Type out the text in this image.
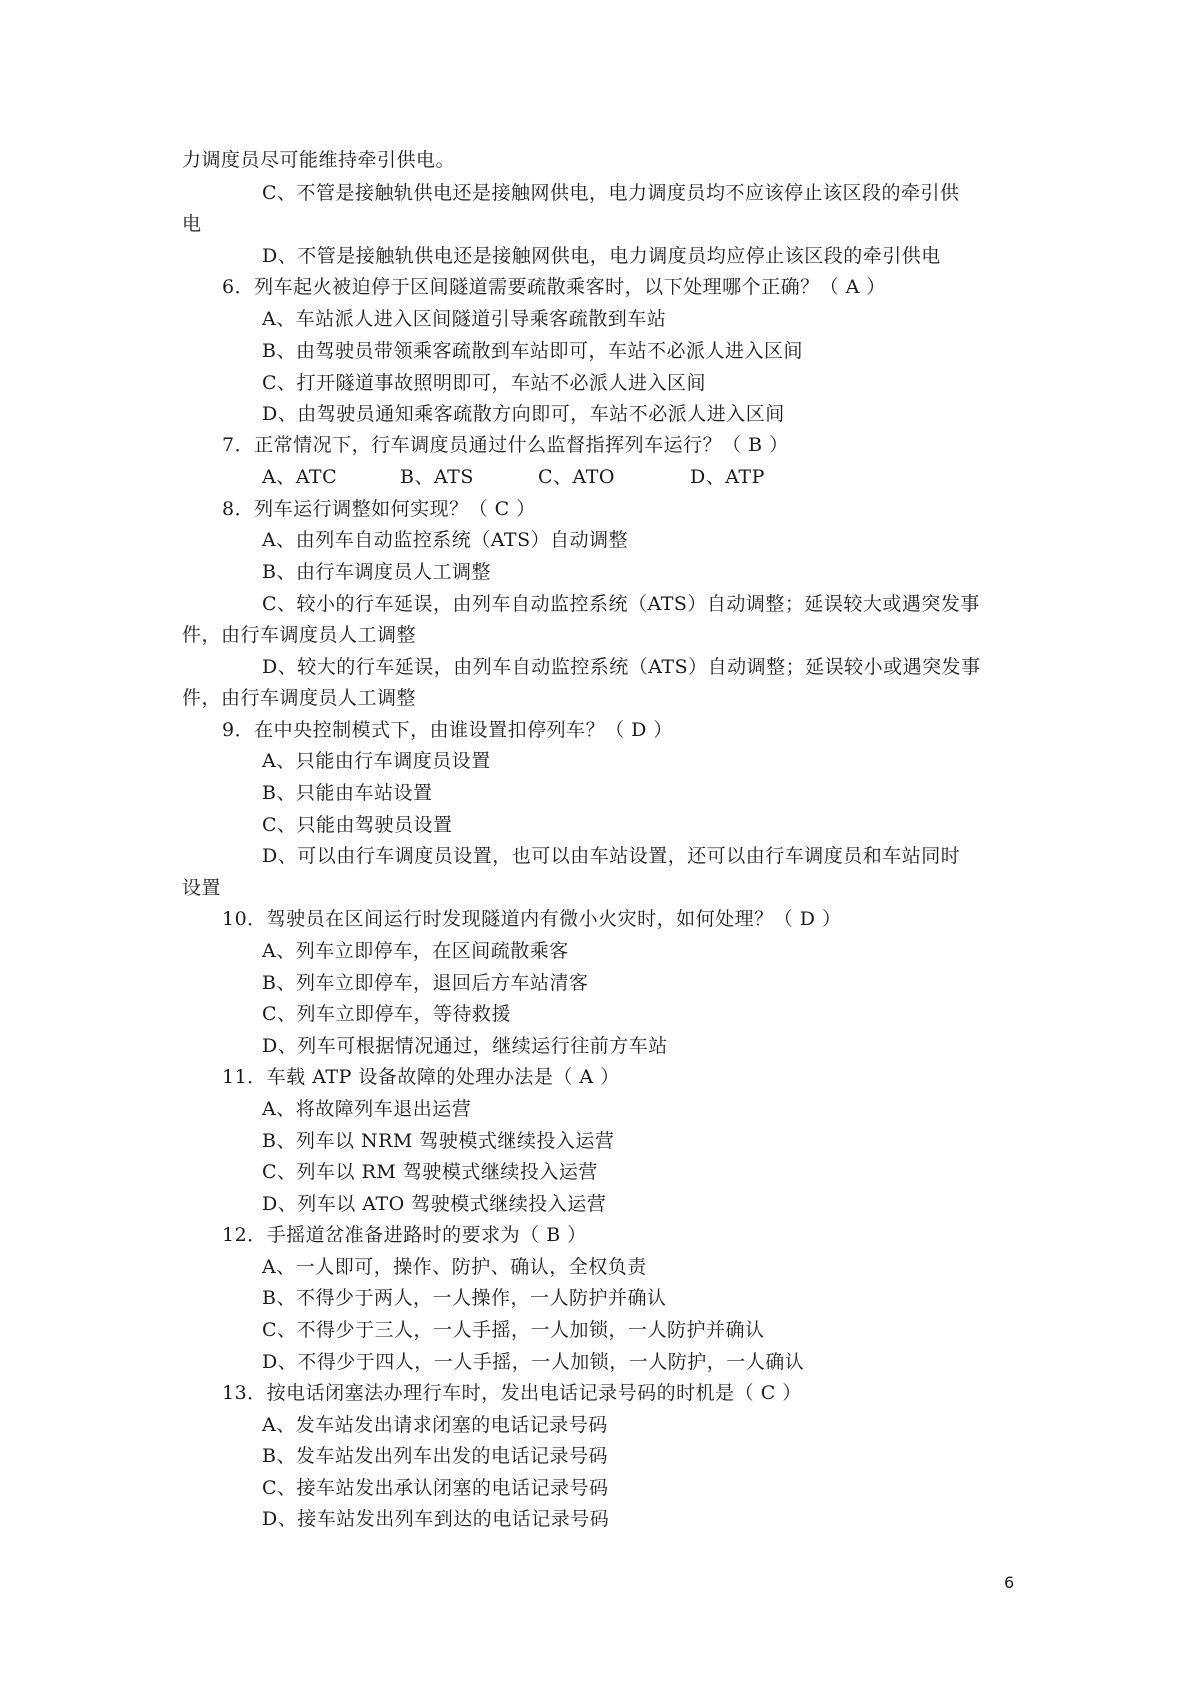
力调度员尽可能维持牵引供电。
C、不管是接触轨供电还是接触网供电，电力调度员均不应该停止该区段的牵引供
电
D、不管是接触轨供电还是接触网供电，电力调度员均应停止该区段的牵引供电
6．列车起火被迫停于区间隧道需要疏散乘客时，以下处理哪个正确？（ A ）
A、车站派人进入区间隧道引导乘客疏散到车站
B、由驾驶员带领乘客疏散到车站即可，车站不必派人进入区间
C、打开隧道事故照明即可，车站不必派人进入区间
D、由驾驶员通知乘客疏散方向即可，车站不必派人进入区间
7．正常情况下，行车调度员通过什么监督指挥列车运行？（ B ）
A、ATC	B、ATS	C、ATO	D、ATP
8．列车运行调整如何实现？（ C ）
A、由列车自动监控系统（ATS）自动调整
B、由行车调度员人工调整
C、较小的行车延误，由列车自动监控系统（ATS）自动调整；延误较大或遇突发事
件，由行车调度员人工调整
D、较大的行车延误，由列车自动监控系统（ATS）自动调整；延误较小或遇突发事
件，由行车调度员人工调整
9．在中央控制模式下，由谁设置扣停列车？（ D ）
A、只能由行车调度员设置
B、只能由车站设置
C、只能由驾驶员设置
D、可以由行车调度员设置，也可以由车站设置，还可以由行车调度员和车站同时
设置
10．驾驶员在区间运行时发现隧道内有微小火灾时，如何处理？（ D ）
A、列车立即停车，在区间疏散乘客
B、列车立即停车，退回后方车站清客
C、列车立即停车，等待救援
D、列车可根据情况通过，继续运行往前方车站
11．车载 ATP 设备故障的处理办法是（ A ）
A、将故障列车退出运营
B、列车以 NRM 驾驶模式继续投入运营
C、列车以 RM 驾驶模式继续投入运营
D、列车以 ATO 驾驶模式继续投入运营
12．手摇道岔准备进路时的要求为（ B ）
A、一人即可，操作、防护、确认，全权负责
B、不得少于两人，一人操作，一人防护并确认
C、不得少于三人，一人手摇，一人加锁，一人防护并确认
D、不得少于四人，一人手摇，一人加锁，一人防护，一人确认
13．按电话闭塞法办理行车时，发出电话记录号码的时机是（ C ）
A、发车站发出请求闭塞的电话记录号码
B、发车站发出列车出发的电话记录号码
C、接车站发出承认闭塞的电话记录号码
D、接车站发出列车到达的电话记录号码
6
